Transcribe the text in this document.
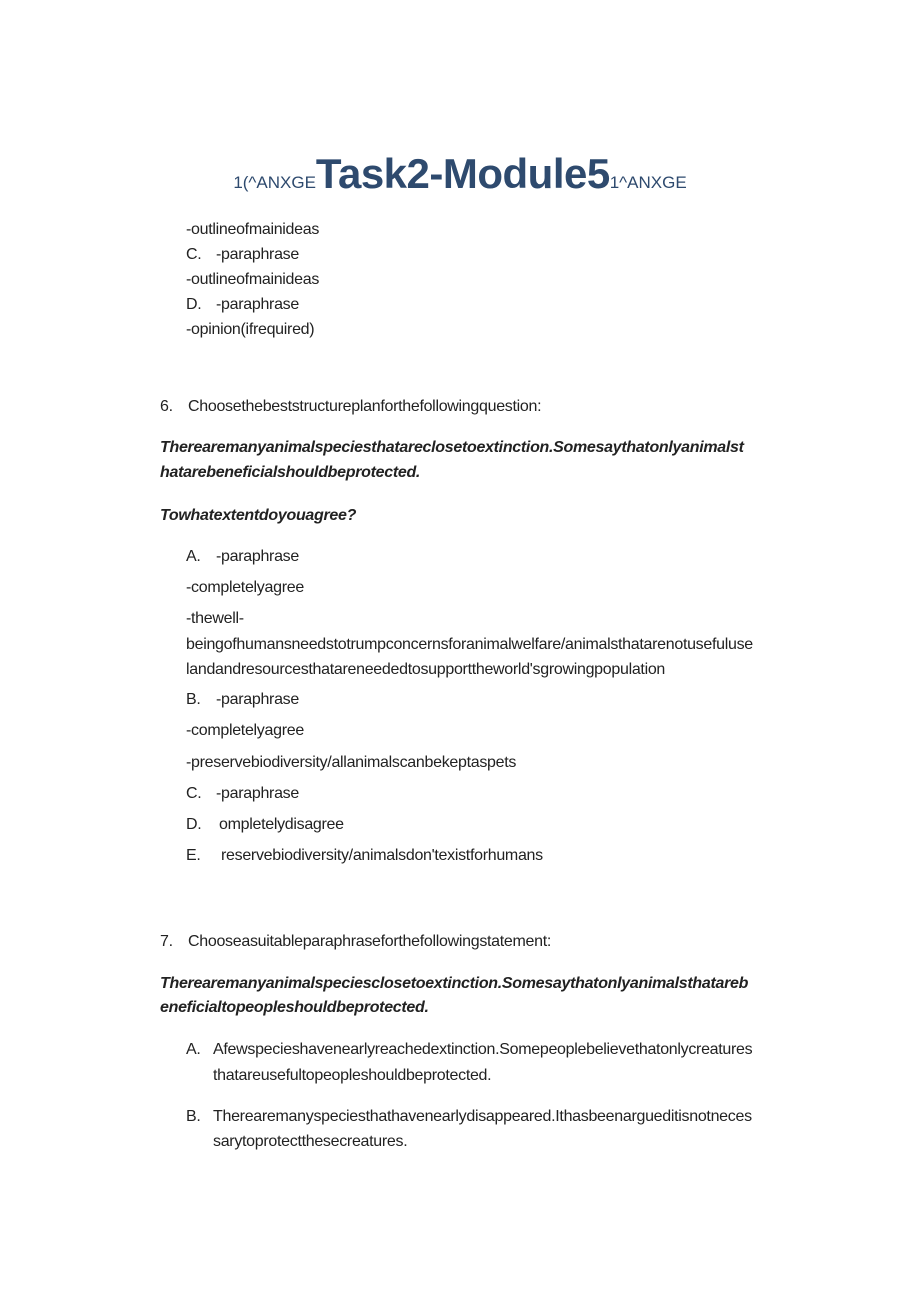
1(^ANXGETask2-Module51^ANXGE
-outlineofmainideas
C. -paraphrase
-outlineofmainideas
D. -paraphrase
-opinion(ifrequired)
6. Choosethebeststructureplanforthefollowingquestion:
Therearemanyanimalspeciesthatareclosetoextinction.Somesaythatonlyanimalst
hatarebeneficialshouldbeprotected.
Towhatextentdoyouagree?
A. -paraphrase
-completelyagree
-thewell-
beingofhumansneedstotrumpconcernsforanimalwelfare/animalsthatarenotusefuluse
landandresourcesthatareneededtosupporttheworld'sgrowingpopulation
B. -paraphrase
-completelyagree
-preservebiodiversity/allanimalscanbekeptaspets
C. -paraphrase
D. ompletelydisagree
E. reservebiodiversity/animalsdon'texistforhumans
7. Chooseasuitableparaphraseforthefollowingstatement:
Therearemanyanimalspeciesclosetoextinction.Somesaythatonlyanimalsthatareb
eneficialtopeopleshouldbeprotected.
A. Afewspecieshavenearlyreachedextinction.Somepeoplebelievethatonlycreatures
thatareusefultopeopleshouldbeprotected.
B. Therearemanyspeciesthathavenearlydisappeared.Ithasbeenargueditisnotneces
sarytoprotectthesecreatures.
